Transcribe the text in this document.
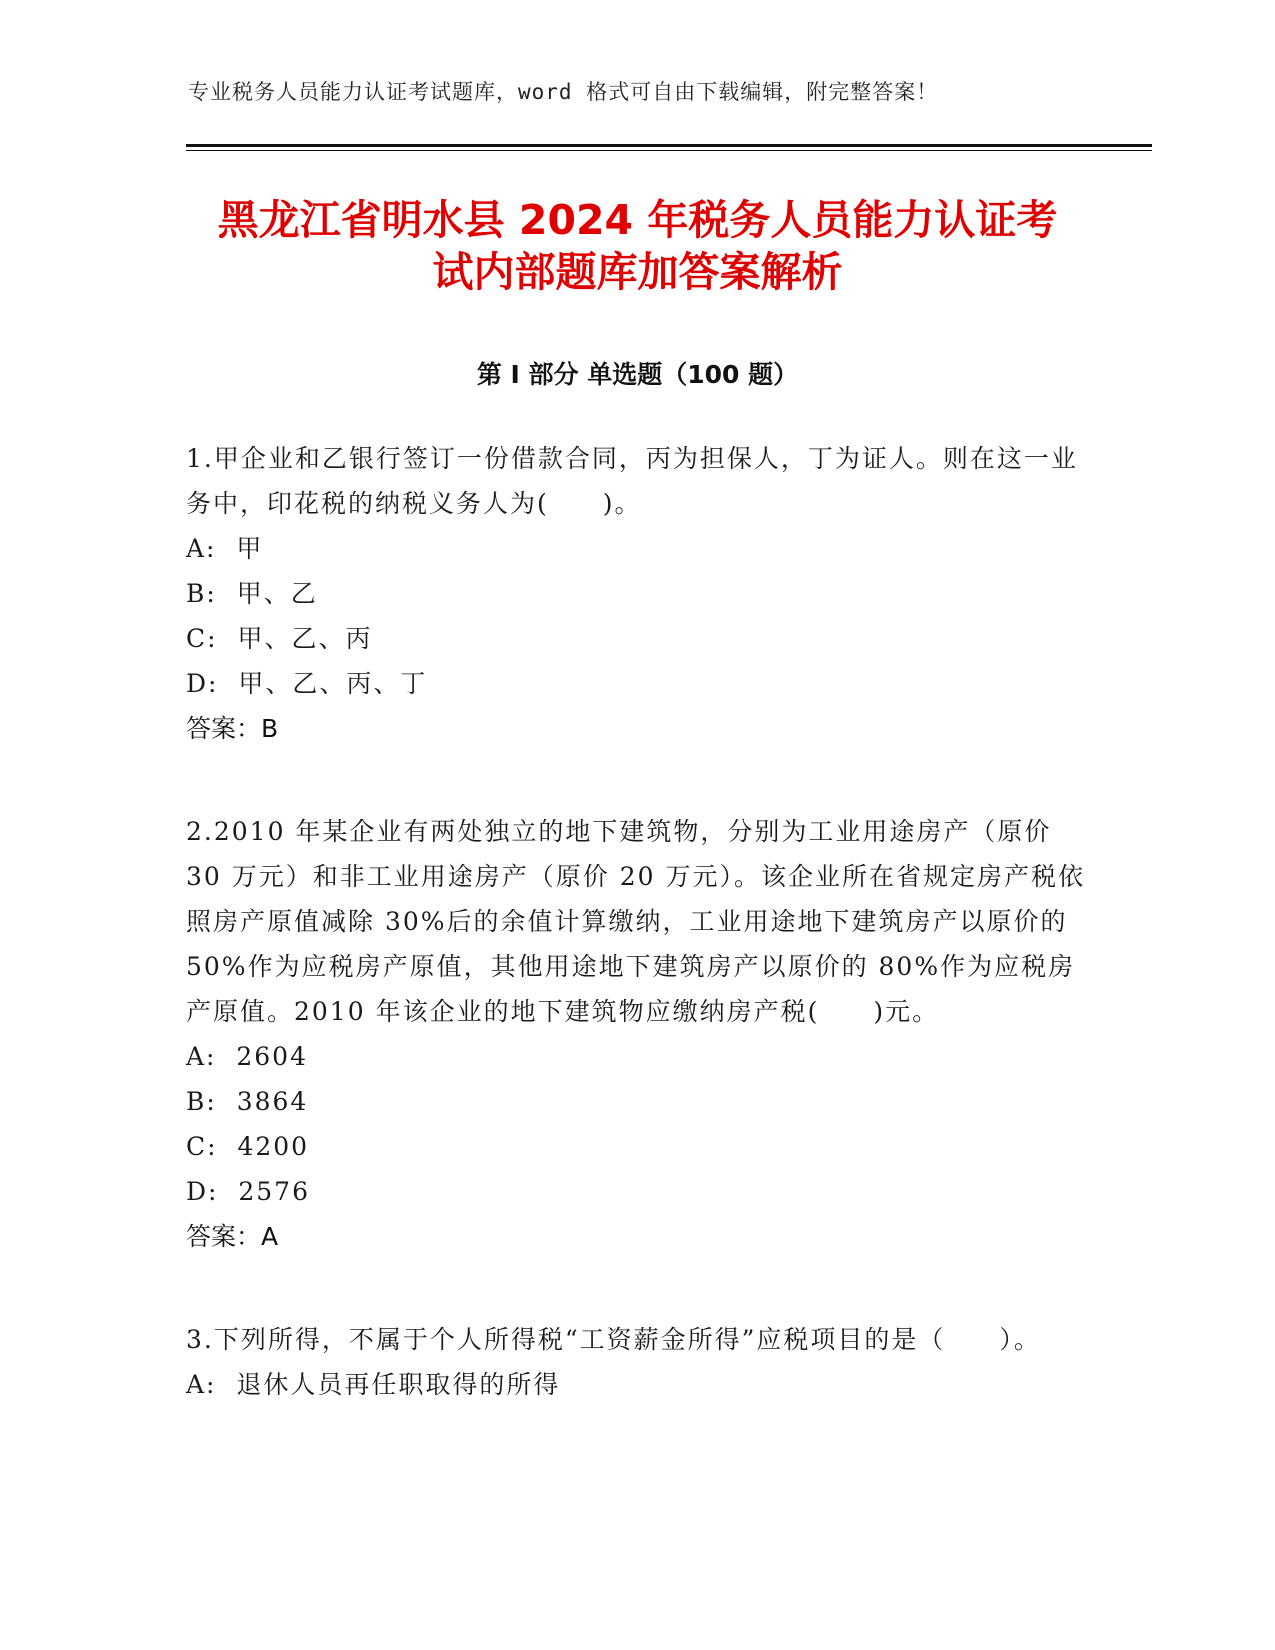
专业税务人员能力认证考试题库，word 格式可自由下载编辑，附完整答案！
黑龙江省明水县 2024 年税务人员能力认证考
试内部题库加答案解析
第 I 部分 单选题（100 题）

1.甲企业和乙银行签订一份借款合同，丙为担保人，丁为证人。则在这一业务中，印花税的纳税义务人为(　　)。

A:  甲

B:  甲、乙

C:  甲、乙、丙

D:  甲、乙、丙、丁

答案：B

2.2010 年某企业有两处独立的地下建筑物，分别为工业用途房产（原价 30 万元）和非工业用途房产（原价 20 万元）。该企业所在省规定房产税依照房产原值减除 30%后的余值计算缴纳，工业用途地下建筑房产以原价的 50%作为应税房产原值，其他用途地下建筑房产以原价的 80%作为应税房产原值。2010 年该企业的地下建筑物应缴纳房产税(　　)元。

A:  2604

B:  3864

C:  4200

D:  2576

答案：A

3.下列所得，不属于个人所得税“工资薪金所得”应税项目的是（　　）。

A:  退休人员再任职取得的所得
